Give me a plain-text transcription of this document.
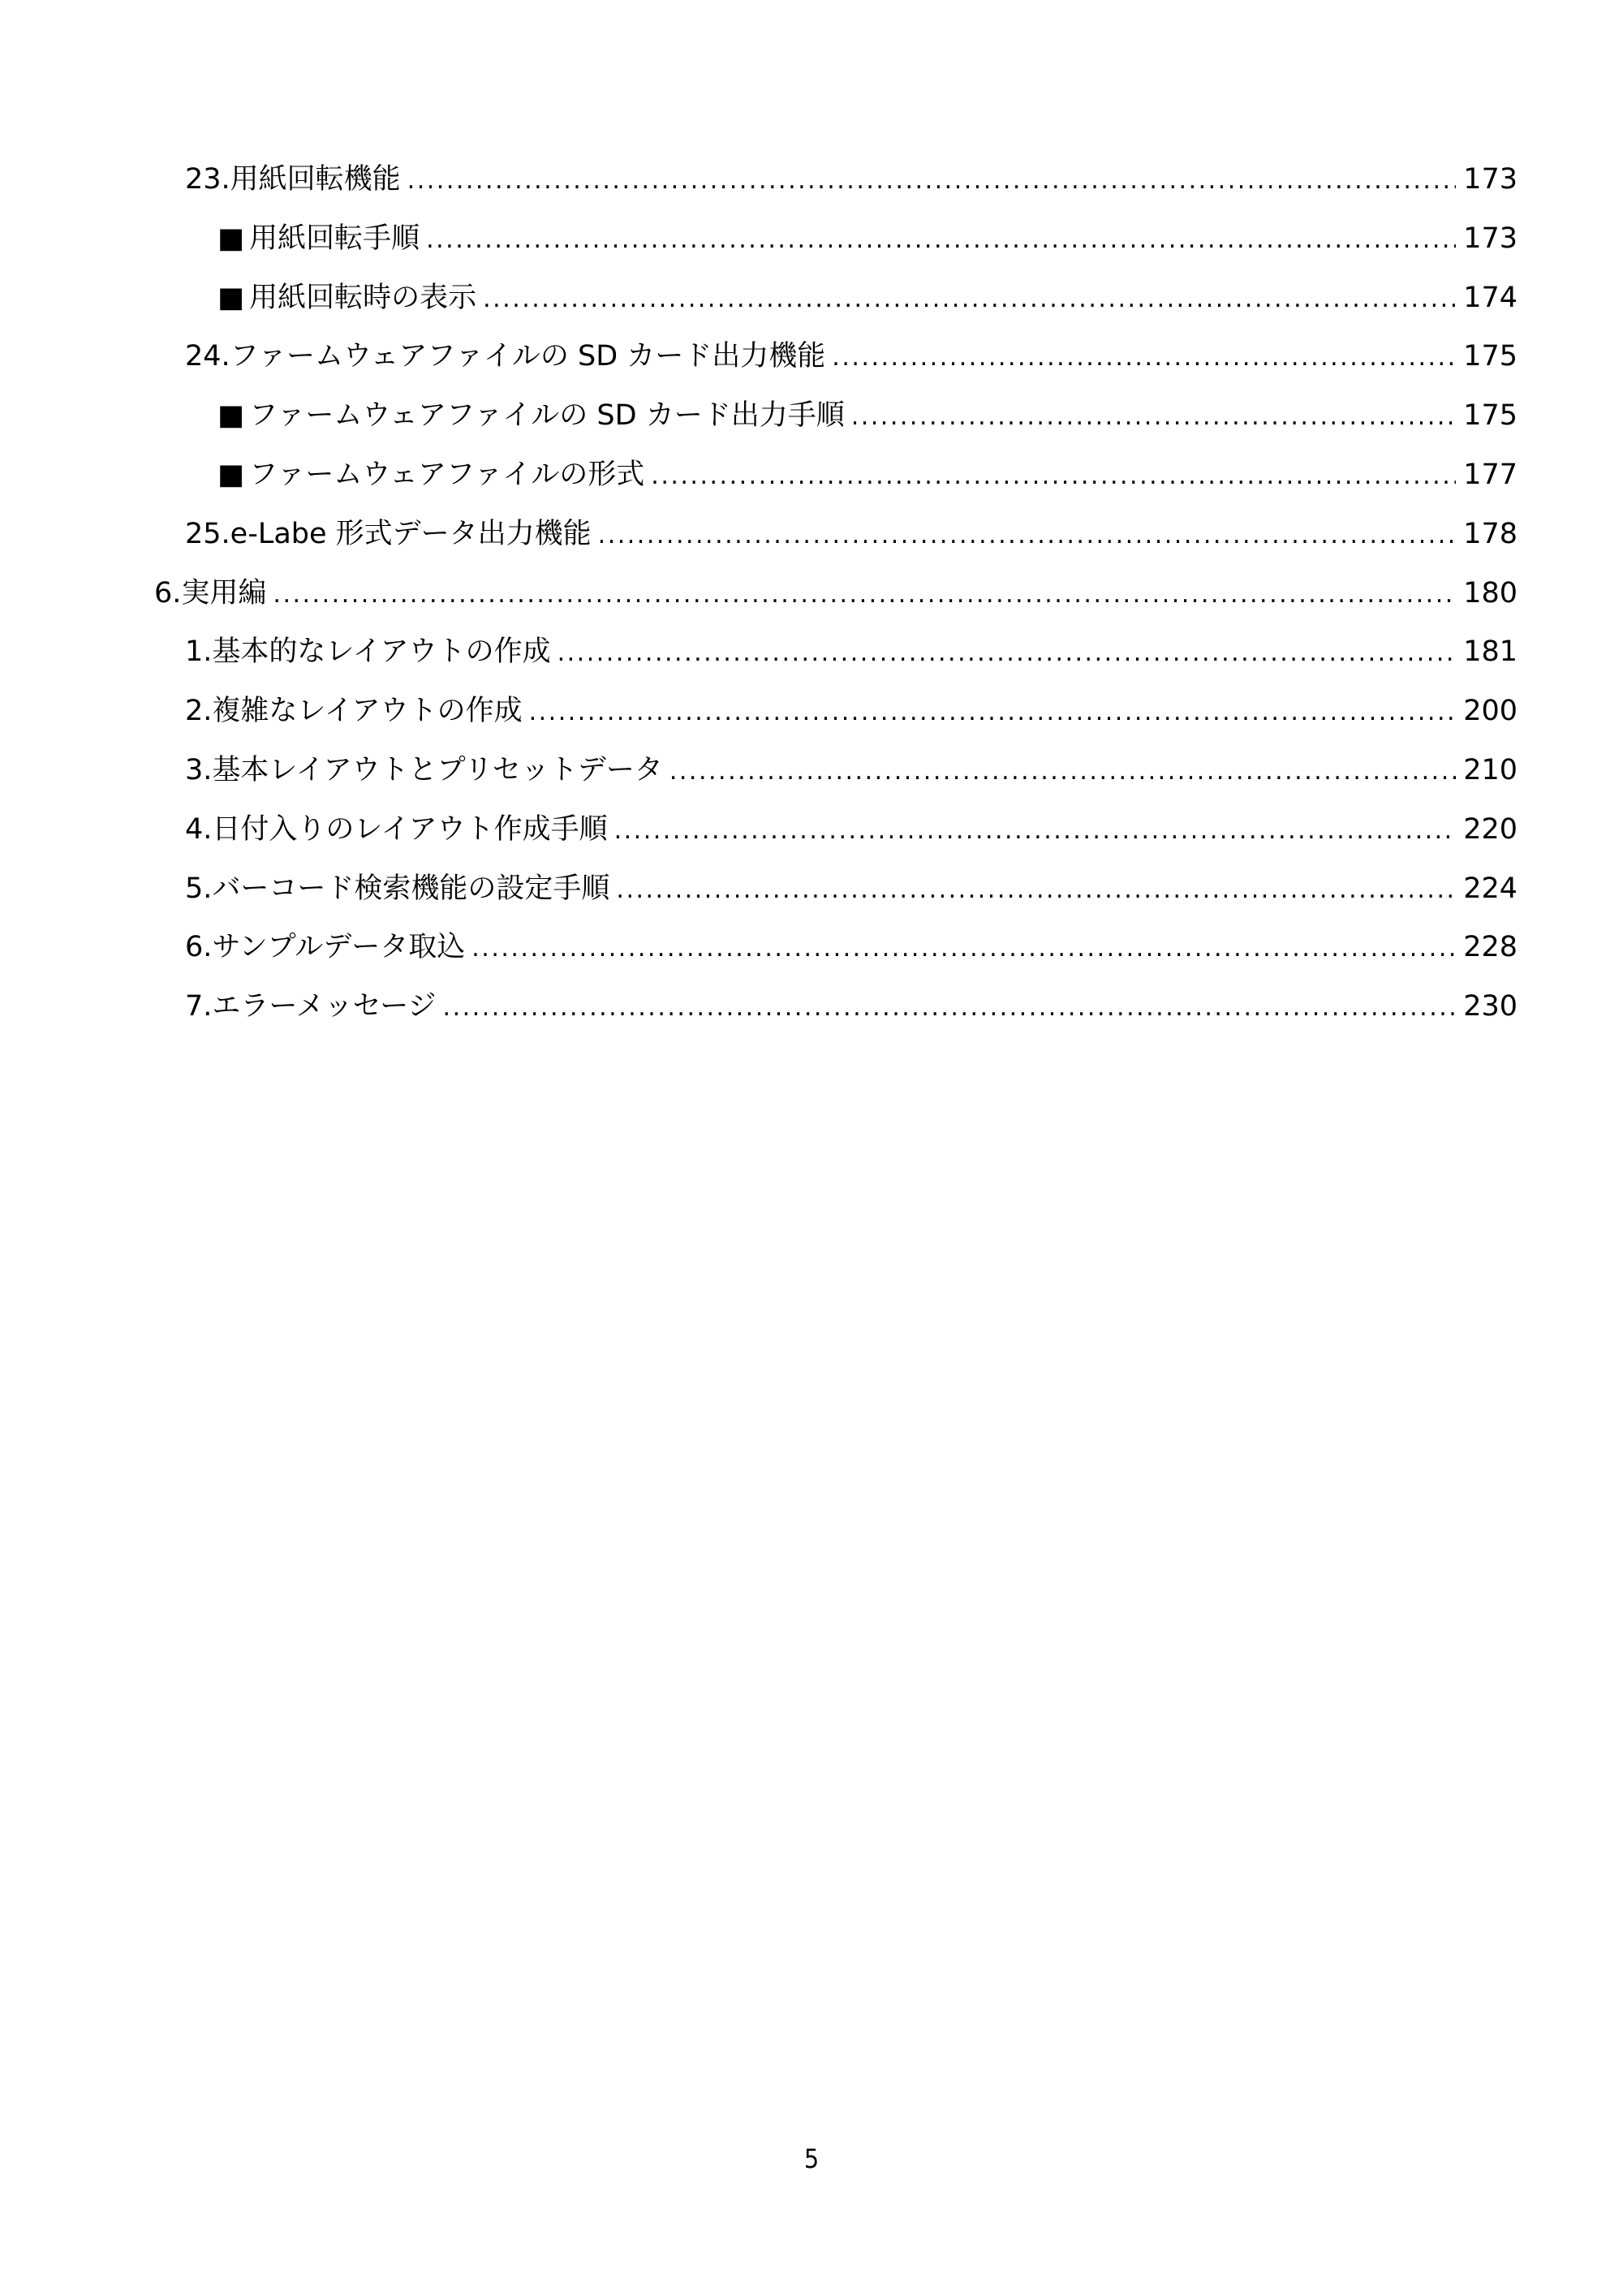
23.用紙回転機能 .....	173
■ 用紙回転手順 .....	173
■ 用紙回転時の表示 .....	174
24.ファームウェアファイルの SD カード出力機能 .....	175
■ ファームウェアファイルの SD カード出力手順 .....	175
■ ファームウェアファイルの形式 .....	177
25.e-Labe 形式データ出力機能 .....	178
6.実用編 .....	180
1.基本的なレイアウトの作成 .....	181
2.複雑なレイアウトの作成 .....	200
3.基本レイアウトとプリセットデータ .....	210
4.日付入りのレイアウト作成手順 .....	220
5.バーコード検索機能の設定手順 .....	224
6.サンプルデータ取込 .....	228
7.エラーメッセージ .....	230
5
